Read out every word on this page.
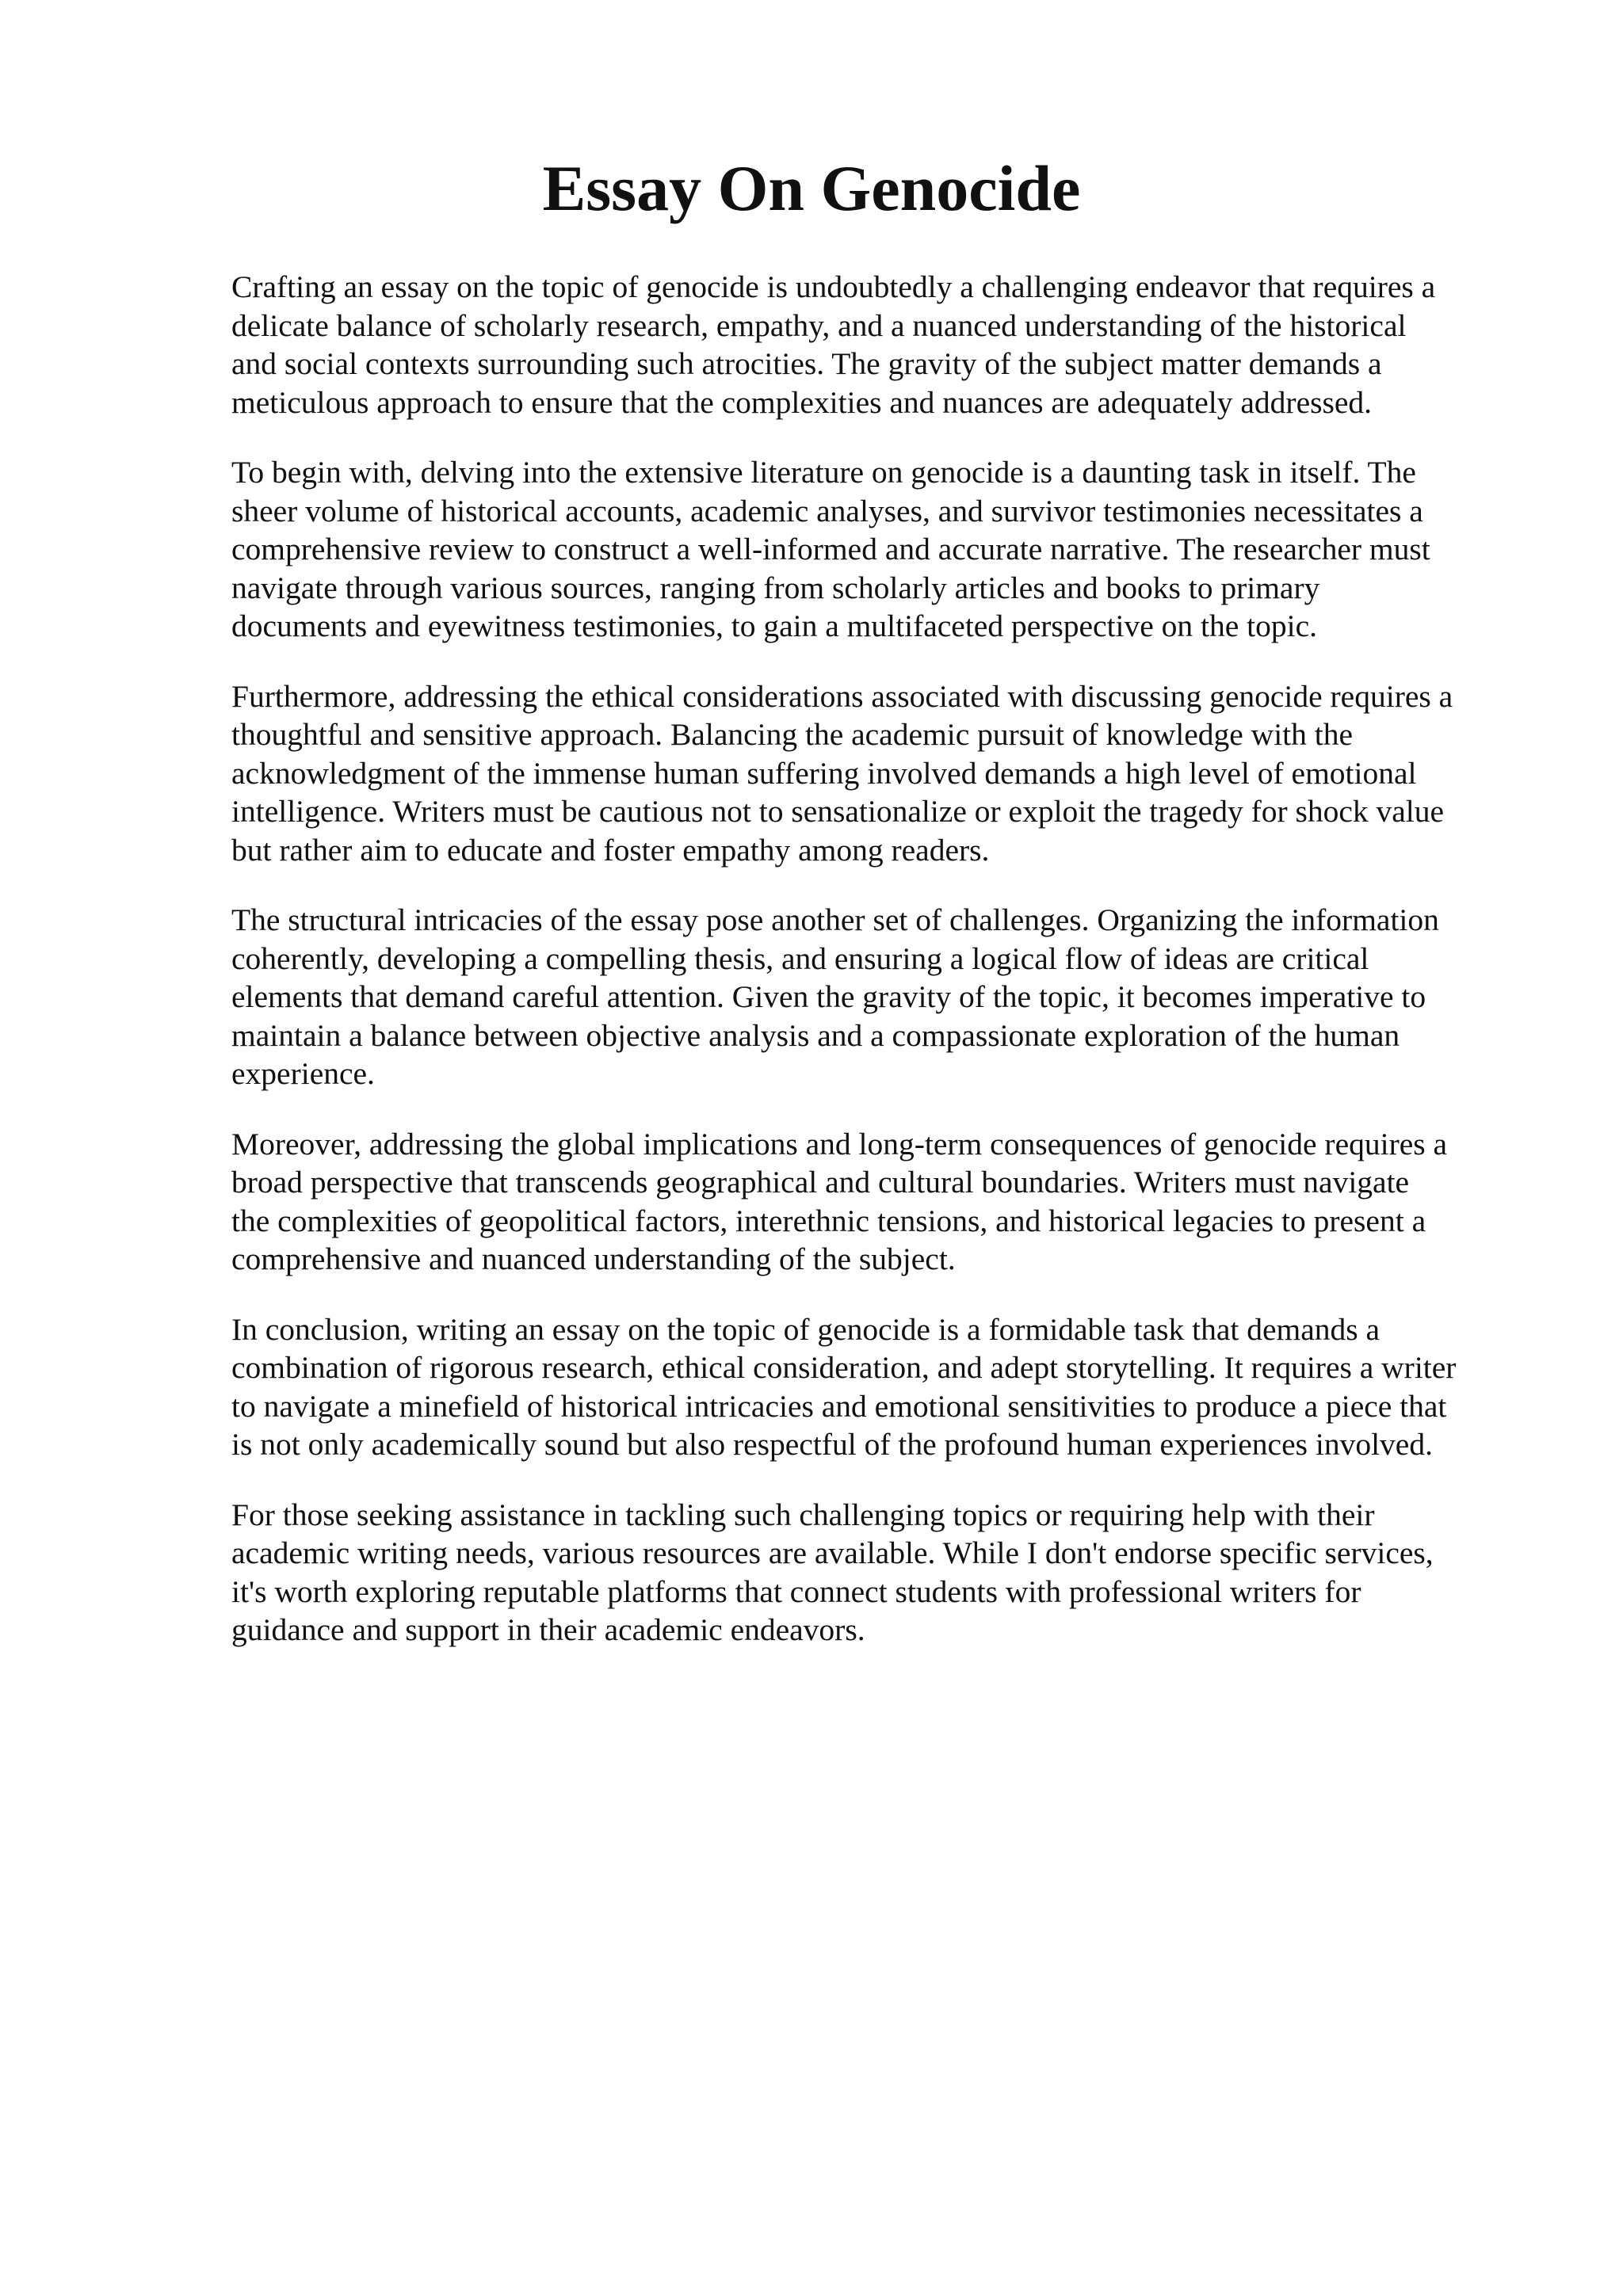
Essay On Genocide

Crafting an essay on the topic of genocide is undoubtedly a challenging endeavor that requires a
delicate balance of scholarly research, empathy, and a nuanced understanding of the historical
and social contexts surrounding such atrocities. The gravity of the subject matter demands a
meticulous approach to ensure that the complexities and nuances are adequately addressed.

To begin with, delving into the extensive literature on genocide is a daunting task in itself. The
sheer volume of historical accounts, academic analyses, and survivor testimonies necessitates a
comprehensive review to construct a well-informed and accurate narrative. The researcher must
navigate through various sources, ranging from scholarly articles and books to primary
documents and eyewitness testimonies, to gain a multifaceted perspective on the topic.

Furthermore, addressing the ethical considerations associated with discussing genocide requires a
thoughtful and sensitive approach. Balancing the academic pursuit of knowledge with the
acknowledgment of the immense human suffering involved demands a high level of emotional
intelligence. Writers must be cautious not to sensationalize or exploit the tragedy for shock value
but rather aim to educate and foster empathy among readers.

The structural intricacies of the essay pose another set of challenges. Organizing the information
coherently, developing a compelling thesis, and ensuring a logical flow of ideas are critical
elements that demand careful attention. Given the gravity of the topic, it becomes imperative to
maintain a balance between objective analysis and a compassionate exploration of the human
experience.

Moreover, addressing the global implications and long-term consequences of genocide requires a
broad perspective that transcends geographical and cultural boundaries. Writers must navigate
the complexities of geopolitical factors, interethnic tensions, and historical legacies to present a
comprehensive and nuanced understanding of the subject.

In conclusion, writing an essay on the topic of genocide is a formidable task that demands a
combination of rigorous research, ethical consideration, and adept storytelling. It requires a writer
to navigate a minefield of historical intricacies and emotional sensitivities to produce a piece that
is not only academically sound but also respectful of the profound human experiences involved.

For those seeking assistance in tackling such challenging topics or requiring help with their
academic writing needs, various resources are available. While I don't endorse specific services,
it's worth exploring reputable platforms that connect students with professional writers for
guidance and support in their academic endeavors.
